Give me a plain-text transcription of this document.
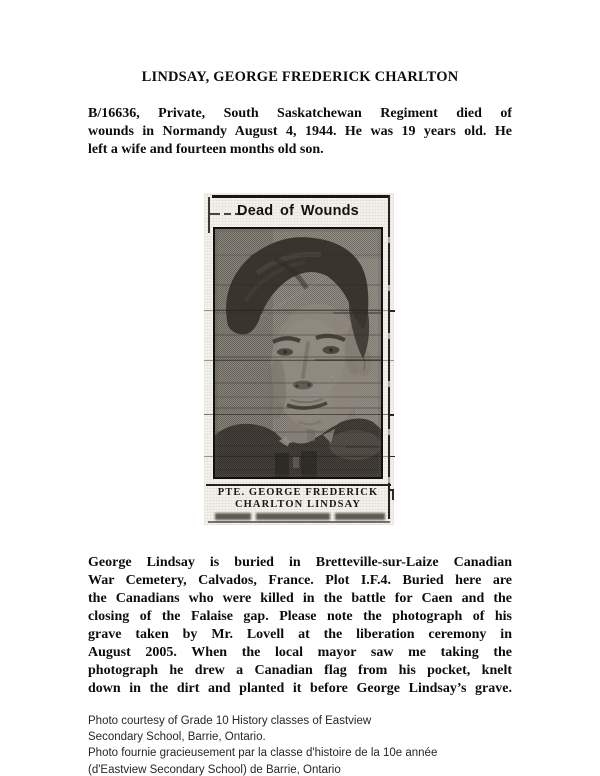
LINDSAY, GEORGE FREDERICK CHARLTON
B/16636, Private, South Saskatchewan Regiment died of
wounds in Normandy August 4, 1944. He was 19 years old. He
left a wife and fourteen months old son.
Dead of Wounds
PTE. GEORGE FREDERICK
CHARLTON LINDSAY
George Lindsay is buried in Bretteville-sur-Laize Canadian
War Cemetery, Calvados, France. Plot I.F.4. Buried here are
the Canadians who were killed in the battle for Caen and the
closing of the Falaise gap. Please note the photograph of his
grave taken by Mr. Lovell at the liberation ceremony in
August 2005. When the local mayor saw me taking the
photograph he drew a Canadian flag from his pocket, knelt
down in the dirt and planted it before George Lindsay’s grave.
Photo courtesy of Grade 10 History classes of Eastview
Secondary School, Barrie, Ontario.
Photo fournie gracieusement par la classe d'histoire de la 10e année
(d'Eastview Secondary School) de Barrie, Ontario
